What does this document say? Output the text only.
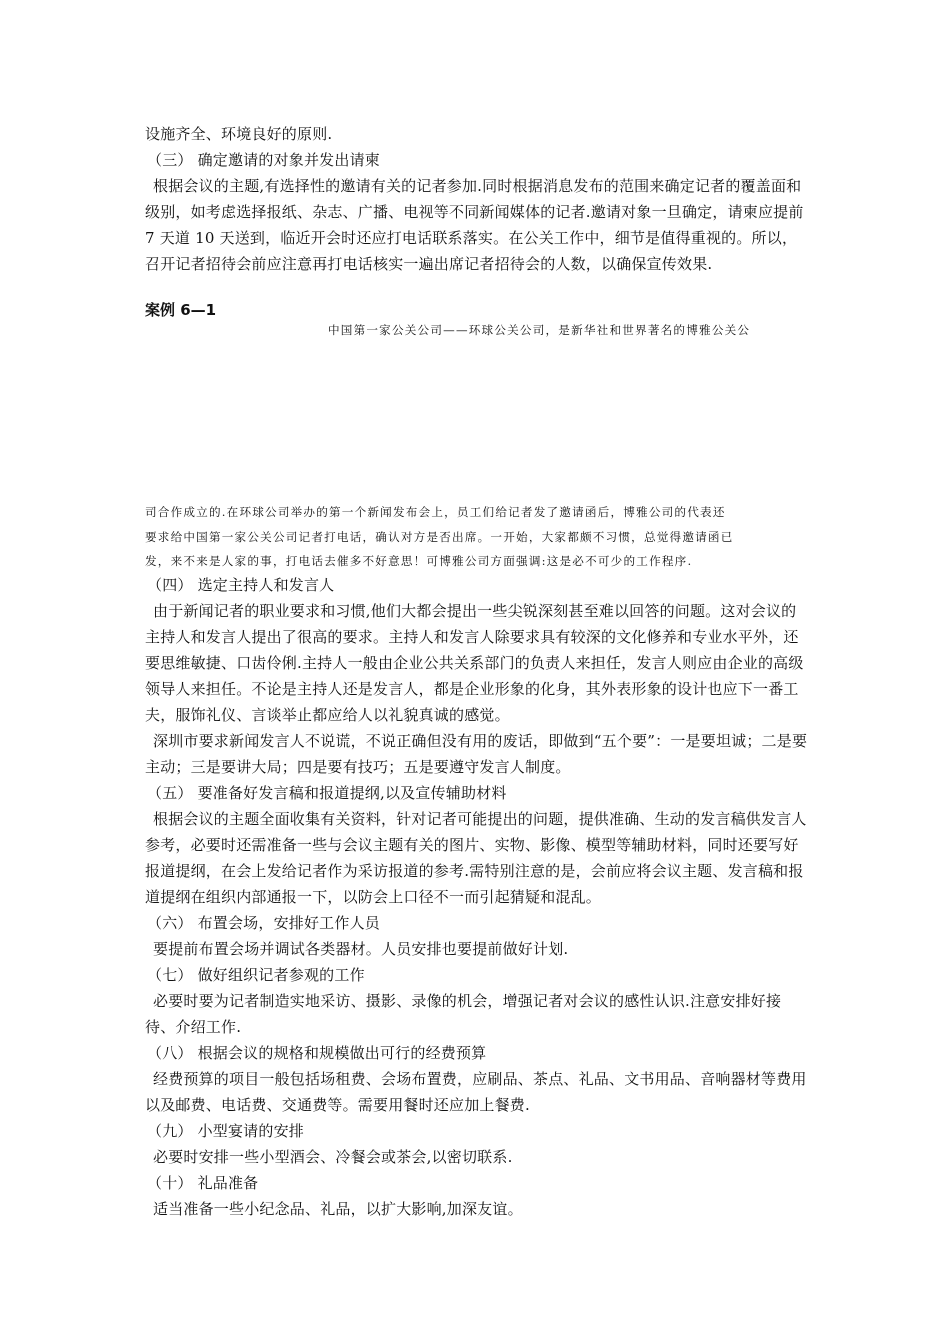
设施齐全、环境良好的原则.

（三） 确定邀请的对象并发出请柬

根据会议的主题,有选择性的邀请有关的记者参加.同时根据消息发布的范围来确定记者的覆盖面和级别，如考虑选择报纸、杂志、广播、电视等不同新闻媒体的记者.邀请对象一旦确定，请柬应提前 7 天道 10 天送到，临近开会时还应打电话联系落实。在公关工作中，细节是值得重视的。所以，召开记者招待会前应注意再打电话核实一遍出席记者招待会的人数，以确保宣传效果.

案例 6—1
中国第一家公关公司——环球公关公司，是新华社和世界著名的博雅公关公

司合作成立的.在环球公司举办的第一个新闻发布会上，员工们给记者发了邀请函后，博雅公司的代表还

要求给中国第一家公关公司记者打电话，确认对方是否出席。一开始，大家都颇不习惯，总觉得邀请函已

发，来不来是人家的事，打电话去催多不好意思！可博雅公司方面强调:这是必不可少的工作程序.

（四） 选定主持人和发言人

由于新闻记者的职业要求和习惯,他们大都会提出一些尖锐深刻甚至难以回答的问题。这对会议的主持人和发言人提出了很高的要求。主持人和发言人除要求具有较深的文化修养和专业水平外，还要思维敏捷、口齿伶俐.主持人一般由企业公共关系部门的负责人来担任，发言人则应由企业的高级领导人来担任。不论是主持人还是发言人，都是企业形象的化身，其外表形象的设计也应下一番工夫，服饰礼仪、言谈举止都应给人以礼貌真诚的感觉。

深圳市要求新闻发言人不说谎，不说正确但没有用的废话，即做到“五个要”：一是要坦诚；二是要主动；三是要讲大局；四是要有技巧；五是要遵守发言人制度。

（五） 要准备好发言稿和报道提纲,以及宣传辅助材料

根据会议的主题全面收集有关资料，针对记者可能提出的问题，提供准确、生动的发言稿供发言人参考，必要时还需准备一些与会议主题有关的图片、实物、影像、模型等辅助材料，同时还要写好报道提纲，在会上发给记者作为采访报道的参考.需特别注意的是，会前应将会议主题、发言稿和报道提纲在组织内部通报一下，以防会上口径不一而引起猜疑和混乱。

（六） 布置会场，安排好工作人员

要提前布置会场并调试各类器材。人员安排也要提前做好计划.

（七） 做好组织记者参观的工作

必要时要为记者制造实地采访、摄影、录像的机会，增强记者对会议的感性认识.注意安排好接待、介绍工作.

（八） 根据会议的规格和规模做出可行的经费预算

经费预算的项目一般包括场租费、会场布置费，应刷品、茶点、礼品、文书用品、音响器材等费用以及邮费、电话费、交通费等。需要用餐时还应加上餐费.

（九） 小型宴请的安排

必要时安排一些小型酒会、冷餐会或茶会,以密切联系.

（十） 礼品准备

适当准备一些小纪念品、礼品，以扩大影响,加深友谊。
